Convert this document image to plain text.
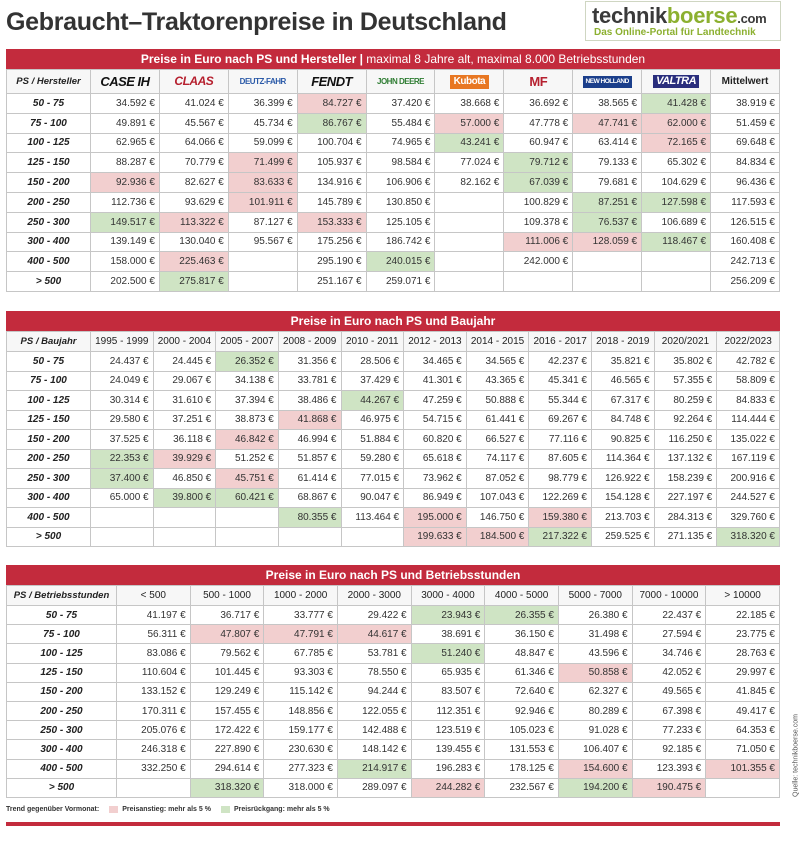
Gebraucht–Traktorenpreise in Deutschland	technikboerse.com
Das Online-Portal für Landtechnik
Preise in Euro nach PS und Hersteller | maximal 8 Jahre alt, maximal 8.000 Betriebsstunden
PS / Hersteller	CASE IH	CLAAS	DEUTZ-FAHR	FENDT	JOHN DEERE	Kubota	MF	NEW HOLLAND	VALTRA	Mittelwert
50 - 75	34.592 €	41.024 €	36.399 €	84.727 €	37.420 €	38.668 €	36.692 €	38.565 €	41.428 €	38.919 €
75 - 100	49.891 €	45.567 €	45.734 €	86.767 €	55.484 €	57.000 €	47.778 €	47.741 €	62.000 €	51.459 €
100 - 125	62.965 €	64.066 €	59.099 €	100.704 €	74.965 €	43.241 €	60.947 €	63.414 €	72.165 €	69.648 €
125 - 150	88.287 €	70.779 €	71.499 €	105.937 €	98.584 €	77.024 €	79.712 €	79.133 €	65.302 €	84.834 €
150 - 200	92.936 €	82.627 €	83.633 €	134.916 €	106.906 €	82.162 €	67.039 €	79.681 €	104.629 €	96.436 €
200 - 250	112.736 €	93.629 €	101.911 €	145.789 €	130.850 €		100.829 €	87.251 €	127.598 €	117.593 €
250 - 300	149.517 €	113.322 €	87.127 €	153.333 €	125.105 €		109.378 €	76.537 €	106.689 €	126.515 €
300 - 400	139.149 €	130.040 €	95.567 €	175.256 €	186.742 €		111.006 €	128.059 €	118.467 €	160.408 €
400 - 500	158.000 €	225.463 €		295.190 €	240.015 €		242.000 €			242.713 €
> 500	202.500 €	275.817 €		251.167 €	259.071 €					256.209 €
Preise in Euro nach PS und Baujahr
PS / Baujahr	1995 - 1999	2000 - 2004	2005 - 2007	2008 - 2009	2010 - 2011	2012 - 2013	2014 - 2015	2016 - 2017	2018 - 2019	2020/2021	2022/2023
50 - 75	24.437 €	24.445 €	26.352 €	31.356 €	28.506 €	34.465 €	34.565 €	42.237 €	35.821 €	35.802 €	42.782 €
75 - 100	24.049 €	29.067 €	34.138 €	33.781 €	37.429 €	41.301 €	43.365 €	45.341 €	46.565 €	57.355 €	58.809 €
100 - 125	30.314 €	31.610 €	37.394 €	38.486 €	44.267 €	47.259 €	50.888 €	55.344 €	67.317 €	80.259 €	84.833 €
125 - 150	29.580 €	37.251 €	38.873 €	41.868 €	46.975 €	54.715 €	61.441 €	69.267 €	84.748 €	92.264 €	114.444 €
150 - 200	37.525 €	36.118 €	46.842 €	46.994 €	51.884 €	60.820 €	66.527 €	77.116 €	90.825 €	116.250 €	135.022 €
200 - 250	22.353 €	39.929 €	51.252 €	51.857 €	59.280 €	65.618 €	74.117 €	87.605 €	114.364 €	137.132 €	167.119 €
250 - 300	37.400 €	46.850 €	45.751 €	61.414 €	77.015 €	73.962 €	87.052 €	98.779 €	126.922 €	158.239 €	200.916 €
300 - 400	65.000 €	39.800 €	60.421 €	68.867 €	90.047 €	86.949 €	107.043 €	122.269 €	154.128 €	227.197 €	244.527 €
400 - 500				80.355 €	113.464 €	195.000 €	146.750 €	159.380 €	213.703 €	284.313 €	329.760 €
> 500						199.633 €	184.500 €	217.322 €	259.525 €	271.135 €	318.320 €
Preise in Euro nach PS und Betriebsstunden
PS / Betriebsstunden	< 500	500 - 1000	1000 - 2000	2000 - 3000	3000 - 4000	4000 - 5000	5000 - 7000	7000 - 10000	> 10000
50 - 75	41.197 €	36.717 €	33.777 €	29.422 €	23.943 €	26.355 €	26.380 €	22.437 €	22.185 €
75 - 100	56.311 €	47.807 €	47.791 €	44.617 €	38.691 €	36.150 €	31.498 €	27.594 €	23.775 €
100 - 125	83.086 €	79.562 €	67.785 €	53.781 €	51.240 €	48.847 €	43.596 €	34.746 €	28.763 €
125 - 150	110.604 €	101.445 €	93.303 €	78.550 €	65.935 €	61.346 €	50.858 €	42.052 €	29.997 €
150 - 200	133.152 €	129.249 €	115.142 €	94.244 €	83.507 €	72.640 €	62.327 €	49.565 €	41.845 €
200 - 250	170.311 €	157.455 €	148.856 €	122.055 €	112.351 €	92.946 €	80.289 €	67.398 €	49.417 €
250 - 300	205.076 €	172.422 €	159.177 €	142.488 €	123.519 €	105.023 €	91.028 €	77.233 €	64.353 €
300 - 400	246.318 €	227.890 €	230.630 €	148.142 €	139.455 €	131.553 €	106.407 €	92.185 €	71.050 €
400 - 500	332.250 €	294.614 €	277.323 €	214.917 €	196.283 €	178.125 €	154.600 €	123.393 €	101.355 €
> 500		318.320 €	318.000 €	289.097 €	244.282 €	232.567 €	194.200 €	190.475 €	
Trend gegenüber Vormonat:	Preisanstieg: mehr als 5 %	Preisrückgang: mehr als 5 %
Quelle: technikboerse.com
